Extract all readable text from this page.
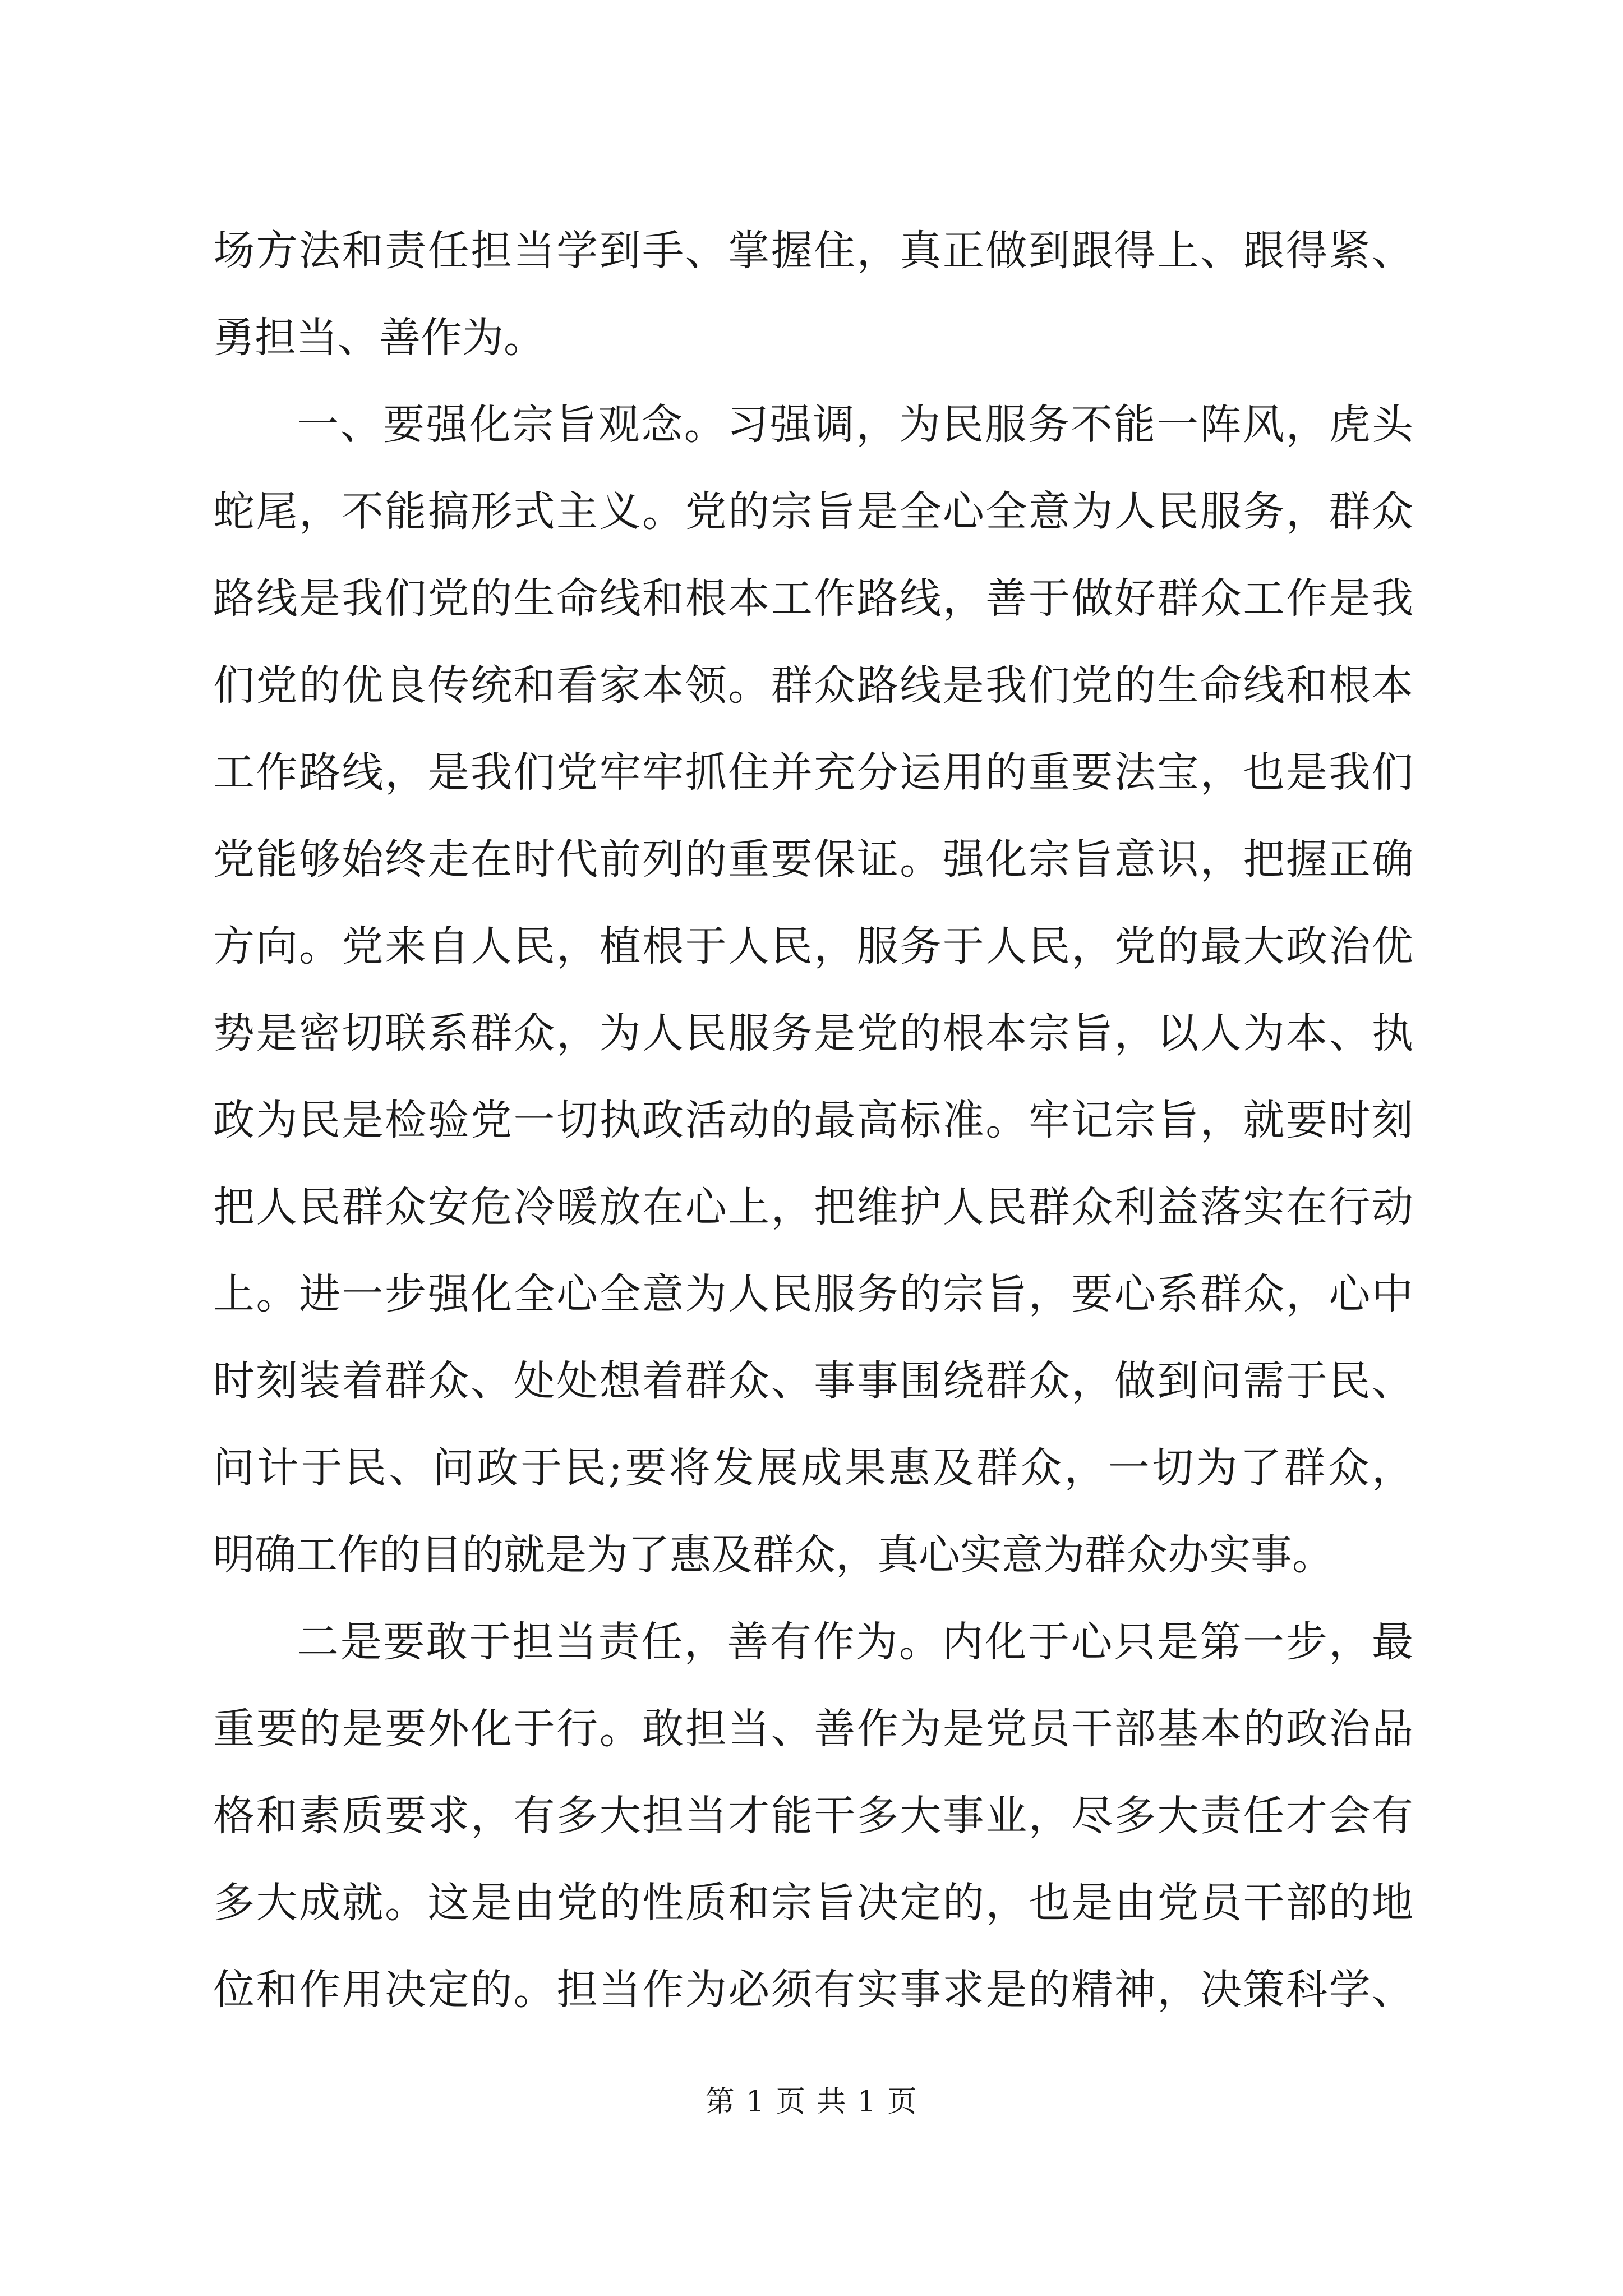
场方法和责任担当学到手、掌握住，真正做到跟得上、跟得紧、
勇担当、善作为。
一、要强化宗旨观念。习强调，为民服务不能一阵风，虎头
蛇尾，不能搞形式主义。党的宗旨是全心全意为人民服务，群众
路线是我们党的生命线和根本工作路线，善于做好群众工作是我
们党的优良传统和看家本领。群众路线是我们党的生命线和根本
工作路线，是我们党牢牢抓住并充分运用的重要法宝，也是我们
党能够始终走在时代前列的重要保证。强化宗旨意识，把握正确
方向。党来自人民，植根于人民，服务于人民，党的最大政治优
势是密切联系群众，为人民服务是党的根本宗旨，以人为本、执
政为民是检验党一切执政活动的最高标准。牢记宗旨，就要时刻
把人民群众安危冷暖放在心上，把维护人民群众利益落实在行动
上。进一步强化全心全意为人民服务的宗旨，要心系群众，心中
时刻装着群众、处处想着群众、事事围绕群众，做到问需于民、
问计于民、问政于民;要将发展成果惠及群众，一切为了群众，
明确工作的目的就是为了惠及群众，真心实意为群众办实事。
二是要敢于担当责任，善有作为。内化于心只是第一步，最
重要的是要外化于行。敢担当、善作为是党员干部基本的政治品
格和素质要求，有多大担当才能干多大事业，尽多大责任才会有
多大成就。这是由党的性质和宗旨决定的，也是由党员干部的地
位和作用决定的。担当作为必须有实事求是的精神，决策科学、
第 1 页 共 1 页
